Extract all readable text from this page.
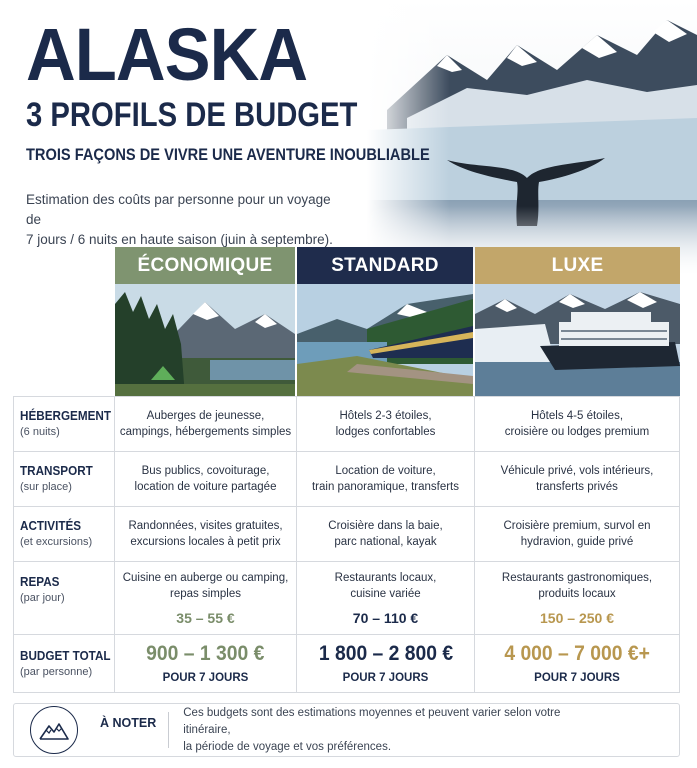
ALASKA
3 PROFILS DE BUDGET
TROIS FAÇONS DE VIVRE UNE AVENTURE INOUBLIABLE
Estimation des coûts par personne pour un voyage de
7 jours / 6 nuits en haute saison (juin à septembre).
ÉCONOMIQUE	STANDARD	LUXE
HÉBERGEMENT
(6 nuits)
Auberges de jeunesse,
campings, hébergements simples
Hôtels 2-3 étoiles,
lodges confortables
Hôtels 4-5 étoiles,
croisière ou lodges premium
TRANSPORT
(sur place)
Bus publics, covoiturage,
location de voiture partagée
Location de voiture,
train panoramique, transferts
Véhicule privé, vols intérieurs,
transferts privés
ACTIVITÉS
(et excursions)
Randonnées, visites gratuites,
excursions locales à petit prix
Croisière dans la baie,
parc national, kayak
Croisière premium, survol en
hydravion, guide privé
REPAS
(par jour)
Cuisine en auberge ou camping,
repas simples
35 – 55 €
Restaurants locaux,
cuisine variée
70 – 110 €
Restaurants gastronomiques,
produits locaux
150 – 250 €
BUDGET TOTAL
(par personne)
900 – 1 300 €
POUR 7 JOURS
1 800 – 2 800 €
POUR 7 JOURS
4 000 – 7 000 €+
POUR 7 JOURS
À NOTER
Ces budgets sont des estimations moyennes et peuvent varier selon votre itinéraire,
la période de voyage et vos préférences.
